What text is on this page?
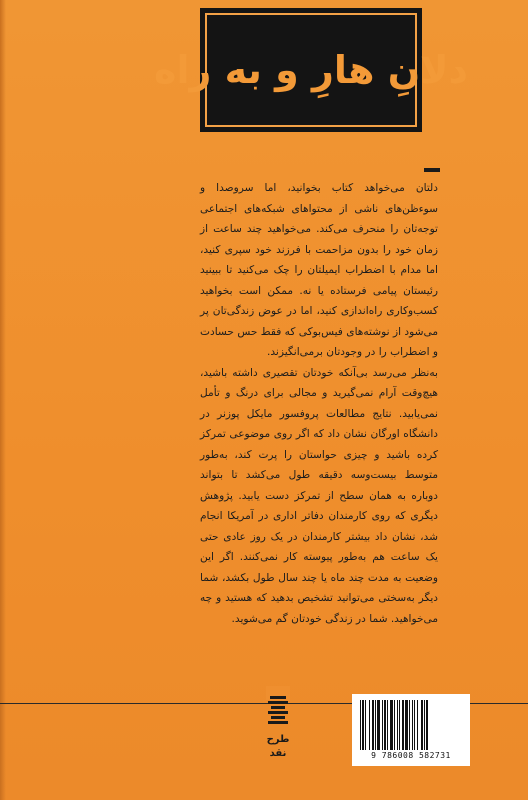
دلانِ هارِ و به راه

دلتان می‌خواهد کتاب بخوانید، اما سروصدا و سوءظن‌های ناشی از محتواهای شبکه‌های اجتماعی توجه‌تان را منحرف می‌کند. می‌خواهید چند ساعت از زمان خود را بدون مزاحمت با فرزند خود سپری کنید، اما مدام با اضطراب ایمیلتان را چک می‌کنید تا ببینید رئیستان پیامی فرستاده یا نه. ممکن است بخواهید کسب‌وکاری راه‌اندازی کنید، اما در عوض زندگی‌تان پر می‌شود از نوشته‌های فیس‌بوکی که فقط حس حسادت و اضطراب را در وجودتان برمی‌انگیزند.

به‌نظر می‌رسد بی‌آنکه خودتان تقصیری داشته باشید، هیچ‌وقت آرام نمی‌گیرید و مجالی برای درنگ و تأمل نمی‌یابید. نتایج مطالعات پروفسور مایکل پوزنر در دانشگاه اورگان نشان داد که اگر روی موضوعی تمرکز کرده باشید و چیزی حواستان را پرت کند، به‌طور متوسط بیست‌وسه دقیقه طول می‌کشد تا بتواند دوباره به همان سطح از تمرکز دست یابید. پژوهش دیگری که روی کارمندان دفاتر اداری در آمریکا انجام شد، نشان داد بیشتر کارمندان در یک روز عادی حتی یک ساعت هم به‌طور پیوسته کار نمی‌کنند. اگر این وضعیت به مدت چند ماه یا چند سال طول بکشد، شما دیگر به‌سختی می‌توانید تشخیص بدهید که هستید و چه می‌خواهید. شما در زندگی خودتان گم می‌شوید.

طرح
نقد	9 786008 582731
